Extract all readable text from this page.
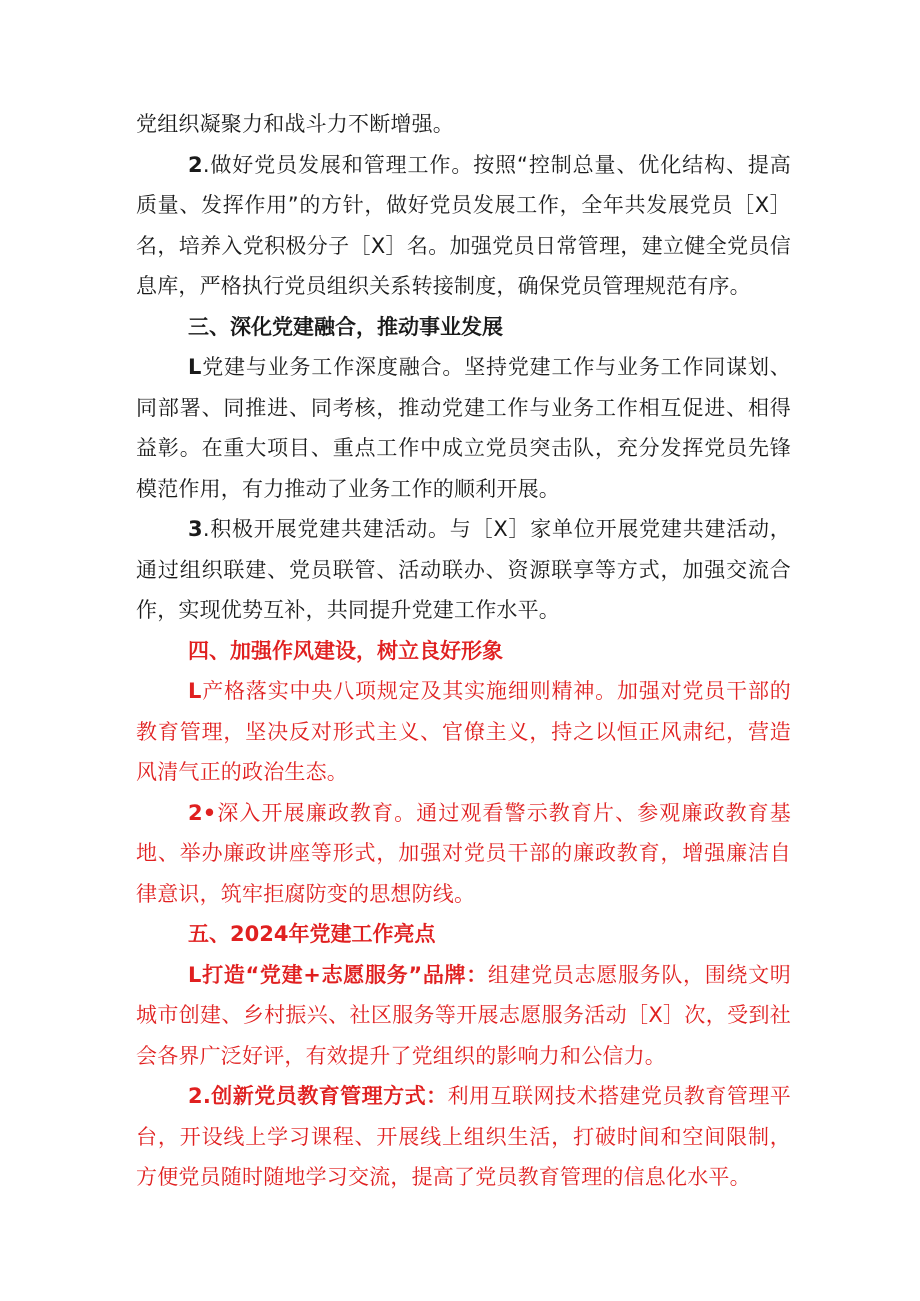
党组织凝聚力和战斗力不断增强。

2.做好党员发展和管理工作。按照“控制总量、优化结构、提高质量、发挥作用”的方针，做好党员发展工作，全年共发展党员［X］名，培养入党积极分子［X］名。加强党员日常管理，建立健全党员信息库，严格执行党员组织关系转接制度，确保党员管理规范有序。

三、深化党建融合，推动事业发展

L党建与业务工作深度融合。坚持党建工作与业务工作同谋划、同部署、同推进、同考核，推动党建工作与业务工作相互促进、相得益彰。在重大项目、重点工作中成立党员突击队，充分发挥党员先锋模范作用，有力推动了业务工作的顺利开展。

3.积极开展党建共建活动。与［X］家单位开展党建共建活动，通过组织联建、党员联管、活动联办、资源联享等方式，加强交流合作，实现优势互补，共同提升党建工作水平。

四、加强作风建设，树立良好形象

L产格落实中央八项规定及其实施细则精神。加强对党员干部的教育管理，坚决反对形式主义、官僚主义，持之以恒正风肃纪，营造风清气正的政治生态。

2•深入开展廉政教育。通过观看警示教育片、参观廉政教育基地、举办廉政讲座等形式，加强对党员干部的廉政教育，增强廉洁自律意识，筑牢拒腐防变的思想防线。

五、2024年党建工作亮点

L打造“党建+志愿服务”品牌：组建党员志愿服务队，围绕文明城市创建、乡村振兴、社区服务等开展志愿服务活动［X］次，受到社会各界广泛好评，有效提升了党组织的影响力和公信力。

2.创新党员教育管理方式：利用互联网技术搭建党员教育管理平台，开设线上学习课程、开展线上组织生活，打破时间和空间限制，方便党员随时随地学习交流，提高了党员教育管理的信息化水平。
